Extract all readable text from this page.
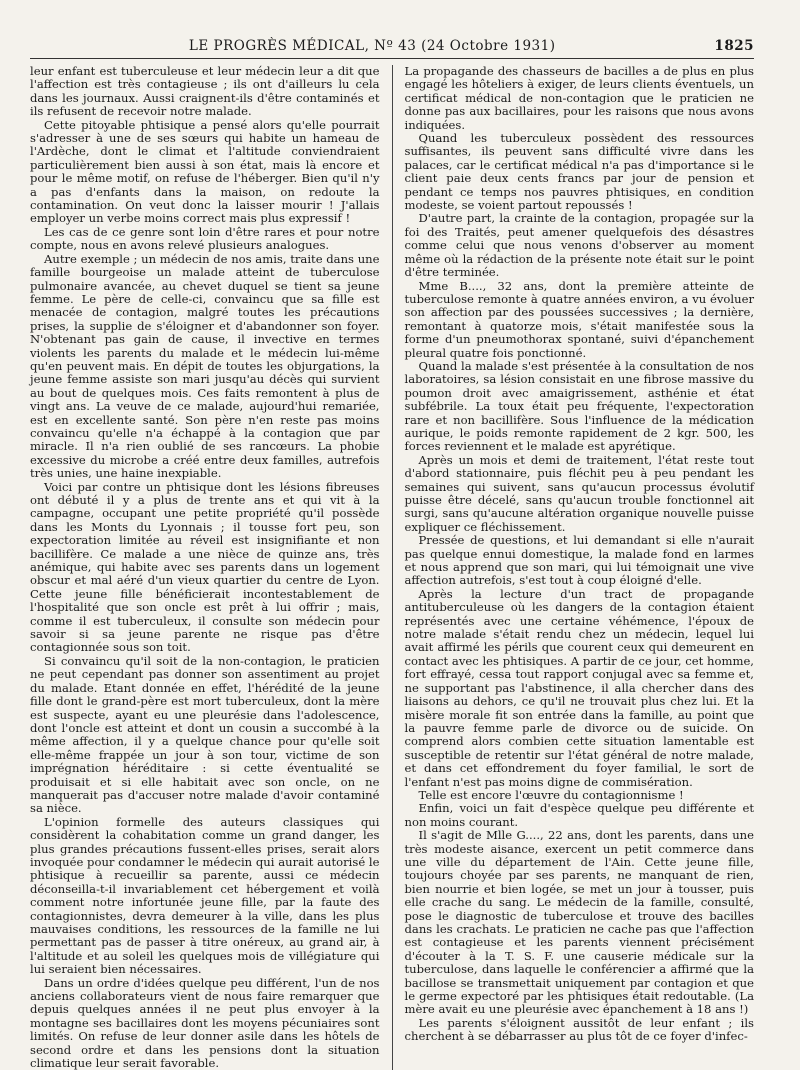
LE PROGRÈS MÉDICAL, Nº 43 (24 Octobre 1931)	1825

leur enfant est tuberculeuse et leur médecin leur a dit que l'affection est très contagieuse ; ils ont d'ailleurs lu cela dans les journaux. Aussi craignent-ils d'être contaminés et ils refusent de recevoir notre malade.

Cette pitoyable phtisique a pensé alors qu'elle pourrait s'adresser à une de ses sœurs qui habite un hameau de l'Ardèche, dont le climat et l'altitude conviendraient particulièrement bien aussi à son état, mais là encore et pour le même motif, on refuse de l'héberger. Bien qu'il n'y a pas d'enfants dans la maison, on redoute la contamination. On veut donc la laisser mourir ! J'allais employer un verbe moins correct mais plus expressif !

Les cas de ce genre sont loin d'être rares et pour notre compte, nous en avons relevé plusieurs analogues.

Autre exemple ; un médecin de nos amis, traite dans une famille bourgeoise un malade atteint de tuberculose pulmonaire avancée, au chevet duquel se tient sa jeune femme. Le père de celle-ci, convaincu que sa fille est menacée de contagion, malgré toutes les précautions prises, la supplie de s'éloigner et d'abandonner son foyer. N'obtenant pas gain de cause, il invective en termes violents les parents du malade et le médecin lui-même qu'en peuvent mais. En dépit de toutes les objurgations, la jeune femme assiste son mari jusqu'au décès qui survient au bout de quelques mois. Ces faits remontent à plus de vingt ans. La veuve de ce malade, aujourd'hui remariée, est en excellente santé. Son père n'en reste pas moins convaincu qu'elle n'a échappé à la contagion que par miracle. Il n'a rien oublié de ses rancœurs. La phobie excessive du microbe a créé entre deux familles, autrefois très unies, une haine inexpiable.

Voici par contre un phtisique dont les lésions fibreuses ont débuté il y a plus de trente ans et qui vit à la campagne, occupant une petite propriété qu'il possède dans les Monts du Lyonnais ; il tousse fort peu, son expectoration limitée au réveil est insignifiante et non bacillifère. Ce malade a une nièce de quinze ans, très anémique, qui habite avec ses parents dans un logement obscur et mal aéré d'un vieux quartier du centre de Lyon. Cette jeune fille bénéficierait incontestablement de l'hospitalité que son oncle est prêt à lui offrir ; mais, comme il est tuberculeux, il consulte son médecin pour savoir si sa jeune parente ne risque pas d'être contagionnée sous son toit.

Si convaincu qu'il soit de la non-contagion, le praticien ne peut cependant pas donner son assentiment au projet du malade. Etant donnée en effet, l'hérédité de la jeune fille dont le grand-père est mort tuberculeux, dont la mère est suspecte, ayant eu une pleurésie dans l'adolescence, dont l'oncle est atteint et dont un cousin a succombé à la même affection, il y a quelque chance pour qu'elle soit elle-même frappée un jour à son tour, victime de son imprégnation héréditaire : si cette éventualité se produisait et si elle habitait avec son oncle, on ne manquerait pas d'accuser notre malade d'avoir contaminé sa nièce.

L'opinion formelle des auteurs classiques qui considèrent la cohabitation comme un grand danger, les plus grandes précautions fussent-elles prises, serait alors invoquée pour condamner le médecin qui aurait autorisé le phtisique à recueillir sa parente, aussi ce médecin déconseilla-t-il invariablement cet hébergement et voilà comment notre infortunée jeune fille, par la faute des contagionnistes, devra demeurer à la ville, dans les plus mauvaises conditions, les ressources de la famille ne lui permettant pas de passer à titre onéreux, au grand air, à l'altitude et au soleil les quelques mois de villégiature qui lui seraient bien nécessaires.

Dans un ordre d'idées quelque peu différent, l'un de nos anciens collaborateurs vient de nous faire remarquer que depuis quelques années il ne peut plus envoyer à la montagne ses bacillaires dont les moyens pécuniaires sont limités. On refuse de leur donner asile dans les hôtels de second ordre et dans les pensions dont la situation climatique leur serait favorable.

La propagande des chasseurs de bacilles a de plus en plus engagé les hôteliers à exiger, de leurs clients éventuels, un certificat médical de non-contagion que le praticien ne donne pas aux bacillaires, pour les raisons que nous avons indiquées.

Quand les tuberculeux possèdent des ressources suffisantes, ils peuvent sans difficulté vivre dans les palaces, car le certificat médical n'a pas d'importance si le client paie deux cents francs par jour de pension et pendant ce temps nos pauvres phtisiques, en condition modeste, se voient partout repoussés !

D'autre part, la crainte de la contagion, propagée sur la foi des Traités, peut amener quelquefois des désastres comme celui que nous venons d'observer au moment même où la rédaction de la présente note était sur le point d'être terminée.

Mme B...., 32 ans, dont la première atteinte de tuberculose remonte à quatre années environ, a vu évoluer son affection par des poussées successives ; la dernière, remontant à quatorze mois, s'était manifestée sous la forme d'un pneumothorax spontané, suivi d'épanchement pleural quatre fois ponctionné.

Quand la malade s'est présentée à la consultation de nos laboratoires, sa lésion consistait en une fibrose massive du poumon droit avec amaigrissement, asthénie et état subfébrile. La toux était peu fréquente, l'expectoration rare et non bacillifère. Sous l'influence de la médication aurique, le poids remonte rapidement de 2 kgr. 500, les forces reviennent et le malade est apyrétique.

Après un mois et demi de traitement, l'état reste tout d'abord stationnaire, puis fléchit peu à peu pendant les semaines qui suivent, sans qu'aucun processus évolutif puisse être décelé, sans qu'aucun trouble fonctionnel ait surgi, sans qu'aucune altération organique nouvelle puisse expliquer ce fléchissement.

Pressée de questions, et lui demandant si elle n'aurait pas quelque ennui domestique, la malade fond en larmes et nous apprend que son mari, qui lui témoignait une vive affection autrefois, s'est tout à coup éloigné d'elle.

Après la lecture d'un tract de propagande antituberculeuse où les dangers de la contagion étaient représentés avec une certaine véhémence, l'époux de notre malade s'était rendu chez un médecin, lequel lui avait affirmé les périls que courent ceux qui demeurent en contact avec les phtisiques. A partir de ce jour, cet homme, fort effrayé, cessa tout rapport conjugal avec sa femme et, ne supportant pas l'abstinence, il alla chercher dans des liaisons au dehors, ce qu'il ne trouvait plus chez lui. Et la misère morale fit son entrée dans la famille, au point que la pauvre femme parle de divorce ou de suicide. On comprend alors combien cette situation lamentable est susceptible de retentir sur l'état général de notre malade, et dans cet effondrement du foyer familial, le sort de l'enfant n'est pas moins digne de commisération.

Telle est encore l'œuvre du contagionnisme !

Enfin, voici un fait d'espèce quelque peu différente et non moins courant.

Il s'agit de Mlle G...., 22 ans, dont les parents, dans une très modeste aisance, exercent un petit commerce dans une ville du département de l'Ain. Cette jeune fille, toujours choyée par ses parents, ne manquant de rien, bien nourrie et bien logée, se met un jour à tousser, puis elle crache du sang. Le médecin de la famille, consulté, pose le diagnostic de tuberculose et trouve des bacilles dans les crachats. Le praticien ne cache pas que l'affection est contagieuse et les parents viennent précisément d'écouter à la T. S. F. une causerie médicale sur la tuberculose, dans laquelle le conférencier a affirmé que la bacillose se transmettait uniquement par contagion et que le germe expectoré par les phtisiques était redoutable. (La mère avait eu une pleurésie avec épanchement à 18 ans !)

Les parents s'éloignent aussitôt de leur enfant ; ils cherchent à se débarrasser au plus tôt de ce foyer d'infec-
